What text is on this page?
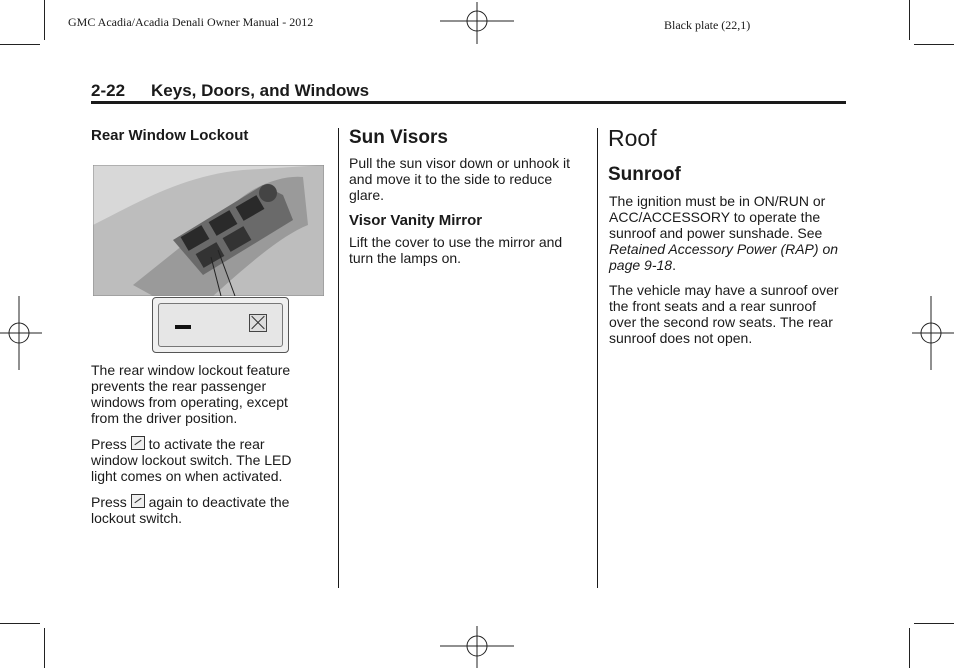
GMC Acadia/Acadia Denali Owner Manual - 2012	Black plate (22,1)
2-22 Keys, Doors, and Windows
Rear Window Lockout

The rear window lockout feature prevents the rear passenger windows from operating, except from the driver position.

Press to activate the rear window lockout switch. The LED light comes on when activated.

Press again to deactivate the lockout switch.

Sun Visors

Pull the sun visor down or unhook it and move it to the side to reduce glare.

Visor Vanity Mirror

Lift the cover to use the mirror and turn the lamps on.

Roof
Sunroof

The ignition must be in ON/RUN or ACC/ACCESSORY to operate the sunroof and power sunshade. See Retained Accessory Power (RAP) on page 9-18.

The vehicle may have a sunroof over the front seats and a rear sunroof over the second row seats. The rear sunroof does not open.
